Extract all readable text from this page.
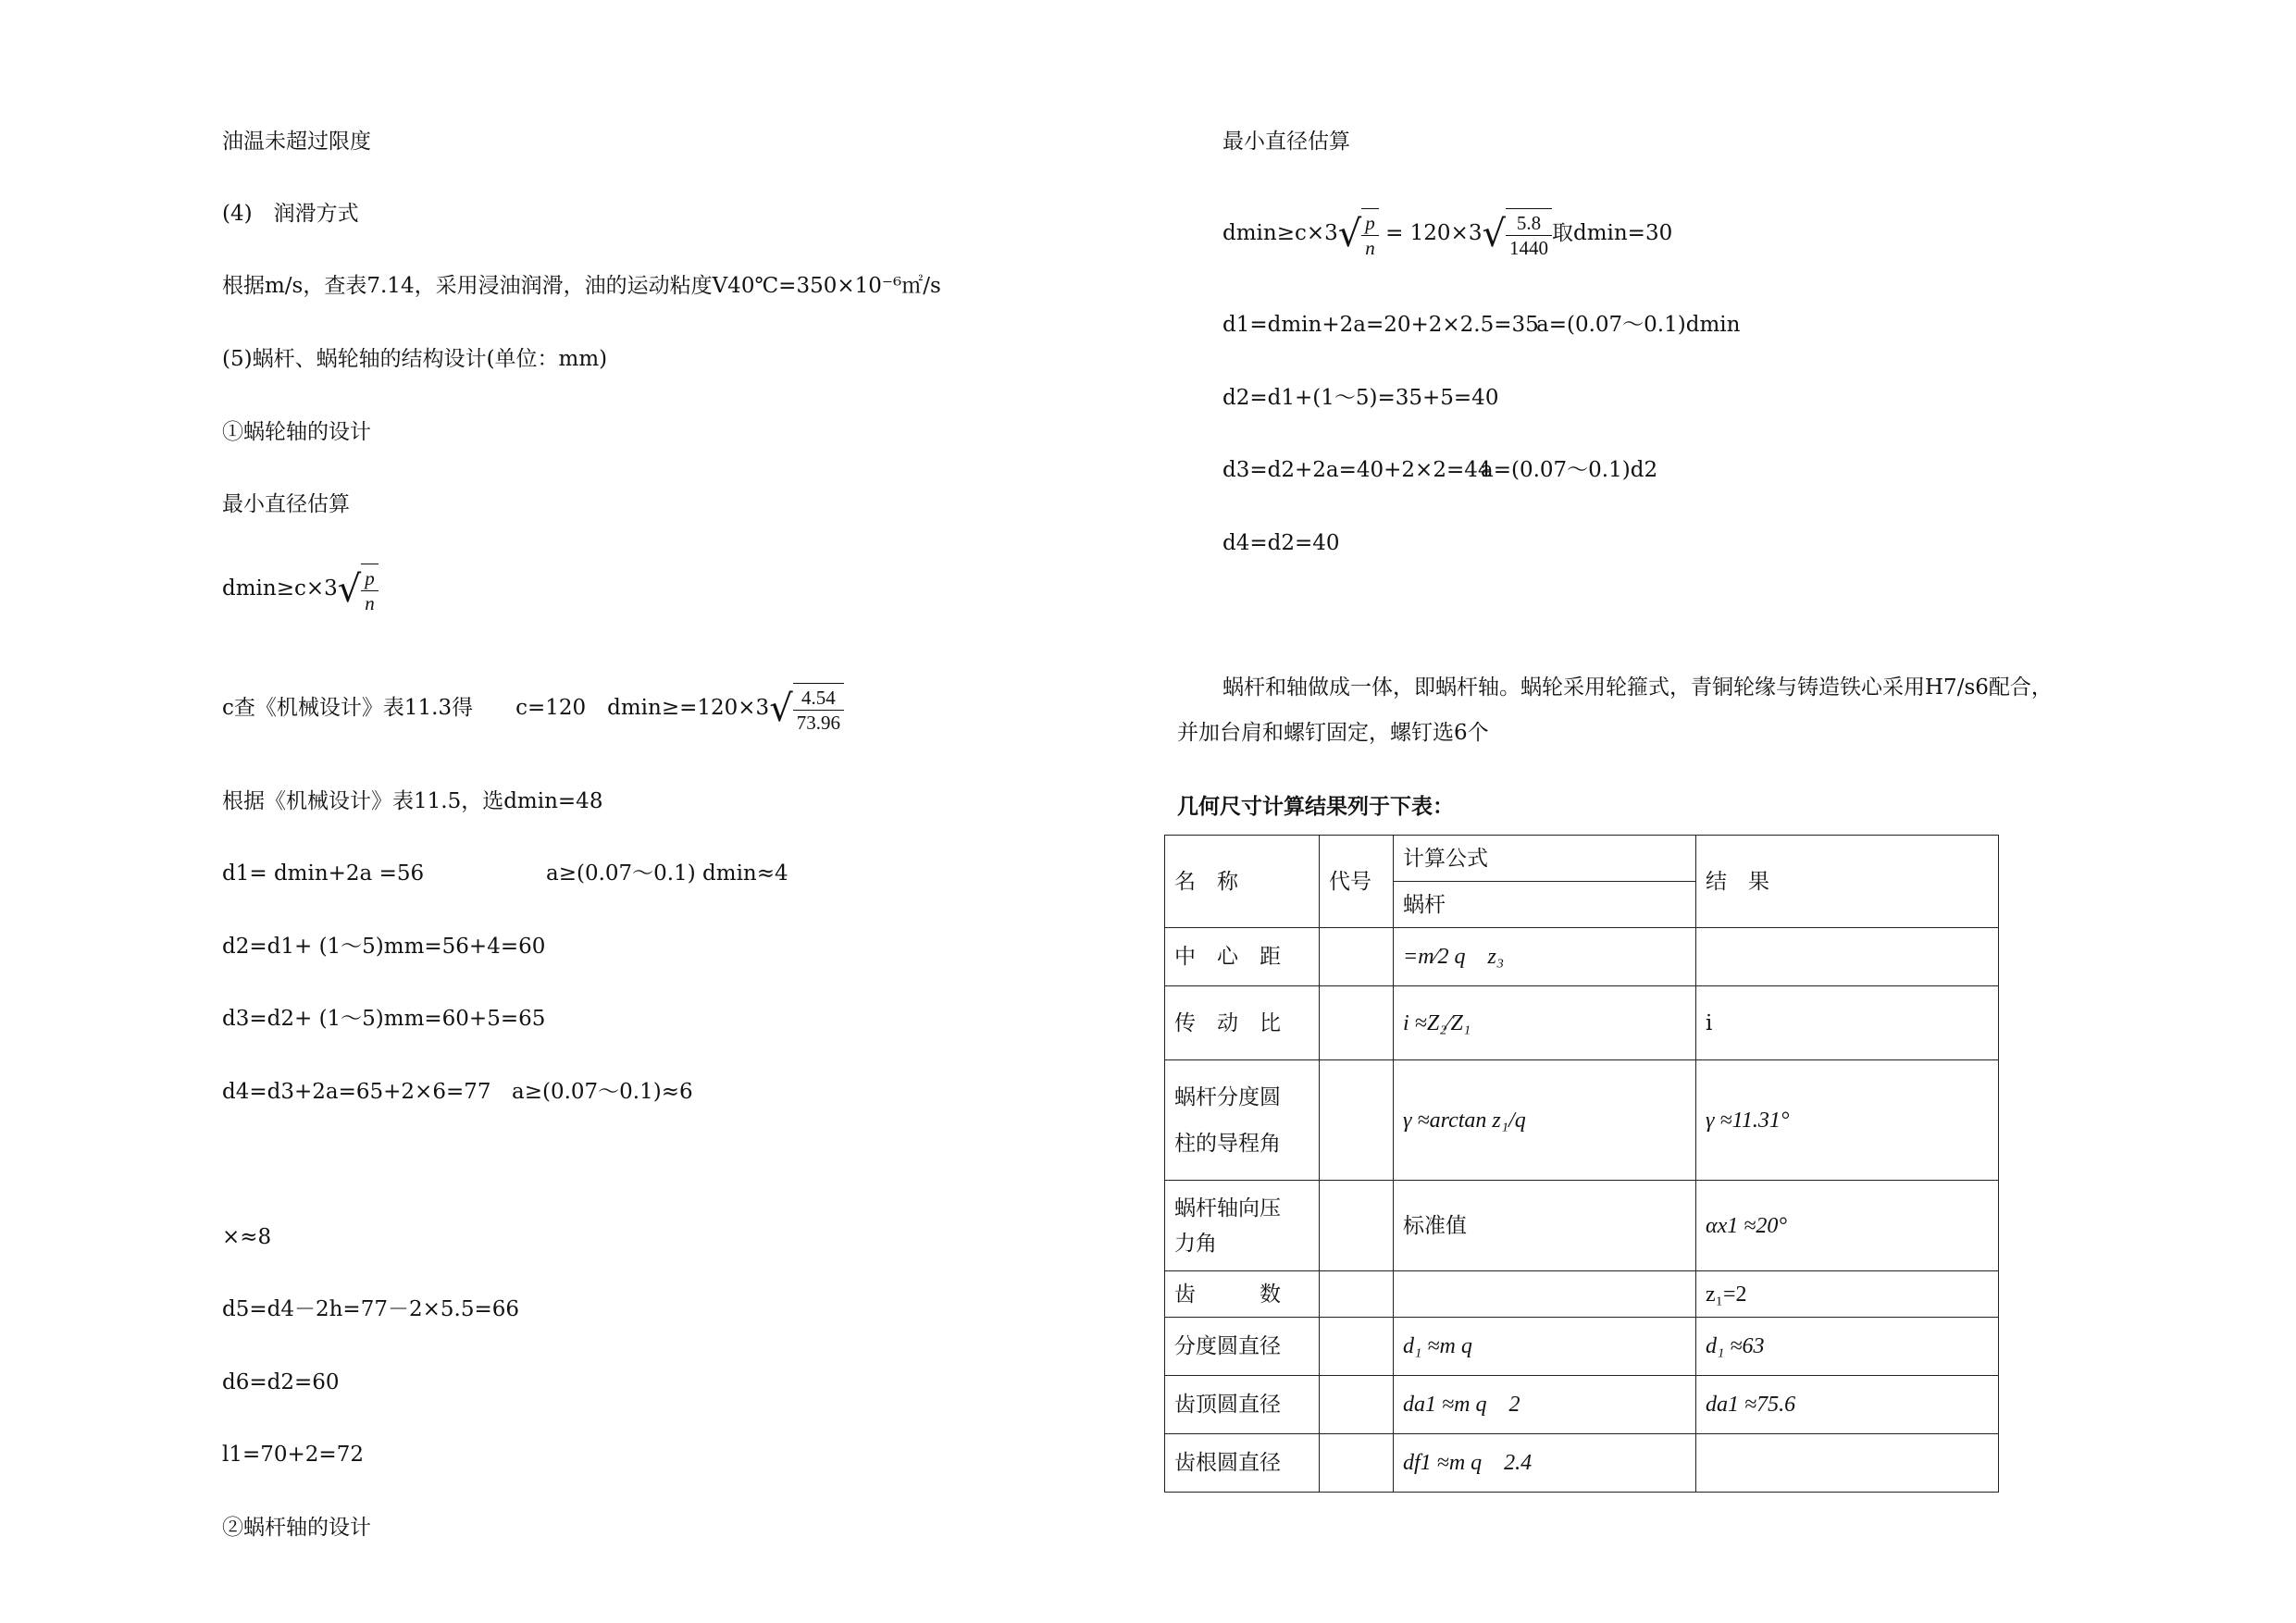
油温未超过限度
(4)　润滑方式
根据m/s，查表7.14，采用浸油润滑，油的运动粘度V40℃=350×10⁻⁶㎡/s
(5)蜗杆、蜗轮轴的结构设计(单位：mm)
①蜗轮轴的设计
最小直径估算
$dmin\ge c\times 3√ \frac{p}{n}$
c查《机械设计》表11.3得　　c=120　$dmin\ge=120\times 3√ \frac{4.54}{73.96}$
根据《机械设计》表11.5，选dmin=48
d1= dmin+2a =56	a≥(0.07～0.1) dmin≈4
d2=d1+ (1～5)mm=56+4=60
d3=d2+ (1～5)mm=60+5=65
d4=d3+2a=65+2×6=77 a≥(0.07～0.1)≈6
×≈8
d5=d4－2h=77－2×5.5=66
d6=d2=60
l1=70+2=72
②蜗杆轴的设计
最小直径估算
$dmin\ge c\times 3√ \frac{p}{n} = 120\times 3√ \frac{5.8}{1440}$ 取dmin=30
d1=dmin+2a=20+2×2.5=35
a=(0.07～0.1)dmin
d2=d1+(1～5)=35+5=40
d3=d2+2a=40+2×2=44
a=(0.07～0.1)d2
d4=d2=40
蜗杆和轴做成一体，即蜗杆轴。蜗轮采用轮箍式，青铜轮缘与铸造铁心采用H7/s6配合，
并加台肩和螺钉固定，螺钉选6个
几何尺寸计算结果列于下表：
名　称	代号	计算公式	结　果
		蜗杆	
中　心　距		=m⁄2 q　z₃	
传　动　比		i ≈Z₂⁄Z₁	i

蜗杆分度圆
柱的导程角		γ ≈arctan z₁/q	γ ≈11.31°

蜗杆轴向压
力角		标准值	αx1 ≈20°
齿　　　数			z₁=2
分度圆直径		d₁ ≈m q	d₁ ≈63
齿顶圆直径		da1 ≈m q　2	da1 ≈75.6
齿根圆直径		df1 ≈m q　2.4	
